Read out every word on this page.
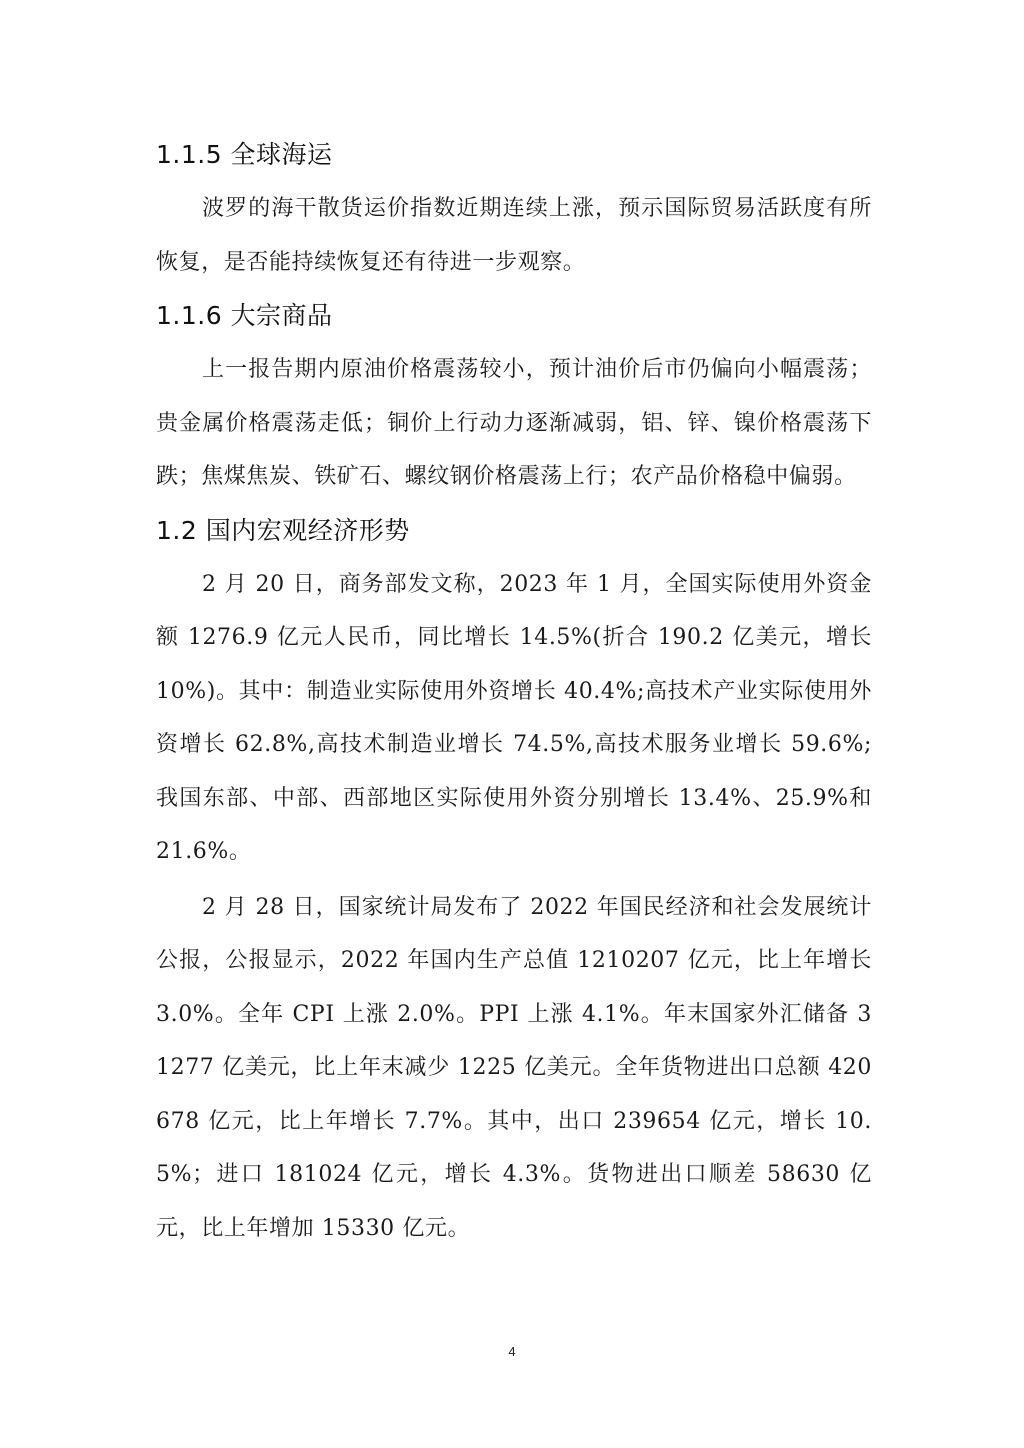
1.1.5 全球海运

波罗的海干散货运价指数近期连续上涨，预示国际贸易活跃度有所恢复，是否能持续恢复还有待进一步观察。

1.1.6 大宗商品

上一报告期内原油价格震荡较小，预计油价后市仍偏向小幅震荡；贵金属价格震荡走低；铜价上行动力逐渐减弱，铝、锌、镍价格震荡下跌；焦煤焦炭、铁矿石、螺纹钢价格震荡上行；农产品价格稳中偏弱。

1.2 国内宏观经济形势

2 月 20 日，商务部发文称，2023 年 1 月，全国实际使用外资金额 1276.9 亿元人民币，同比增长 14.5%(折合 190.2 亿美元，增长 10%)。其中：制造业实际使用外资增长 40.4%;高技术产业实际使用外资增长 62.8%,高技术制造业增长 74.5%,高技术服务业增长 59.6%;我国东部、中部、西部地区实际使用外资分别增长 13.4%、25.9%和 21.6%。

2 月 28 日，国家统计局发布了 2022 年国民经济和社会发展统计公报，公报显示，2022 年国内生产总值 1210207 亿元，比上年增长 3.0%。全年 CPI 上涨 2.0%。PPI 上涨 4.1%。年末国家外汇储备 31277 亿美元，比上年末减少 1225 亿美元。全年货物进出口总额 420678 亿元，比上年增长 7.7%。其中，出口 239654 亿元，增长 10.5%；进口 181024 亿元，增长 4.3%。货物进出口顺差 58630 亿元，比上年增加 15330 亿元。

4
